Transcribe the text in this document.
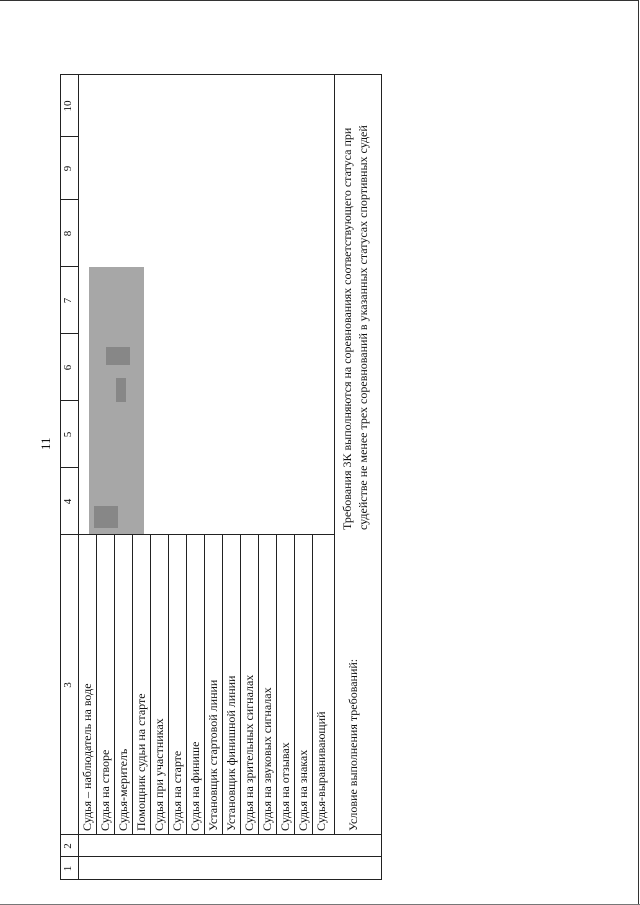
11
1
2
3
4
5
6
7
8
9
10
Судья – наблюдатель на воде Судья на створе Судья-мерителъ Помощник судьи на старте Судья при участниках Судья на старте Судья на финише Установщик стартовой линии Установщик финишной линии Судья на зрительных сигналах Судья на звуковых сигналах Судья на отзывах Судья на знаках Судья-выравнивающий Условие выполнения требований:
Требования 3К выполняются на соревнованиях соответствующего статуса при судействе не менее трех соревнований в указанных статусах спортивных судей
